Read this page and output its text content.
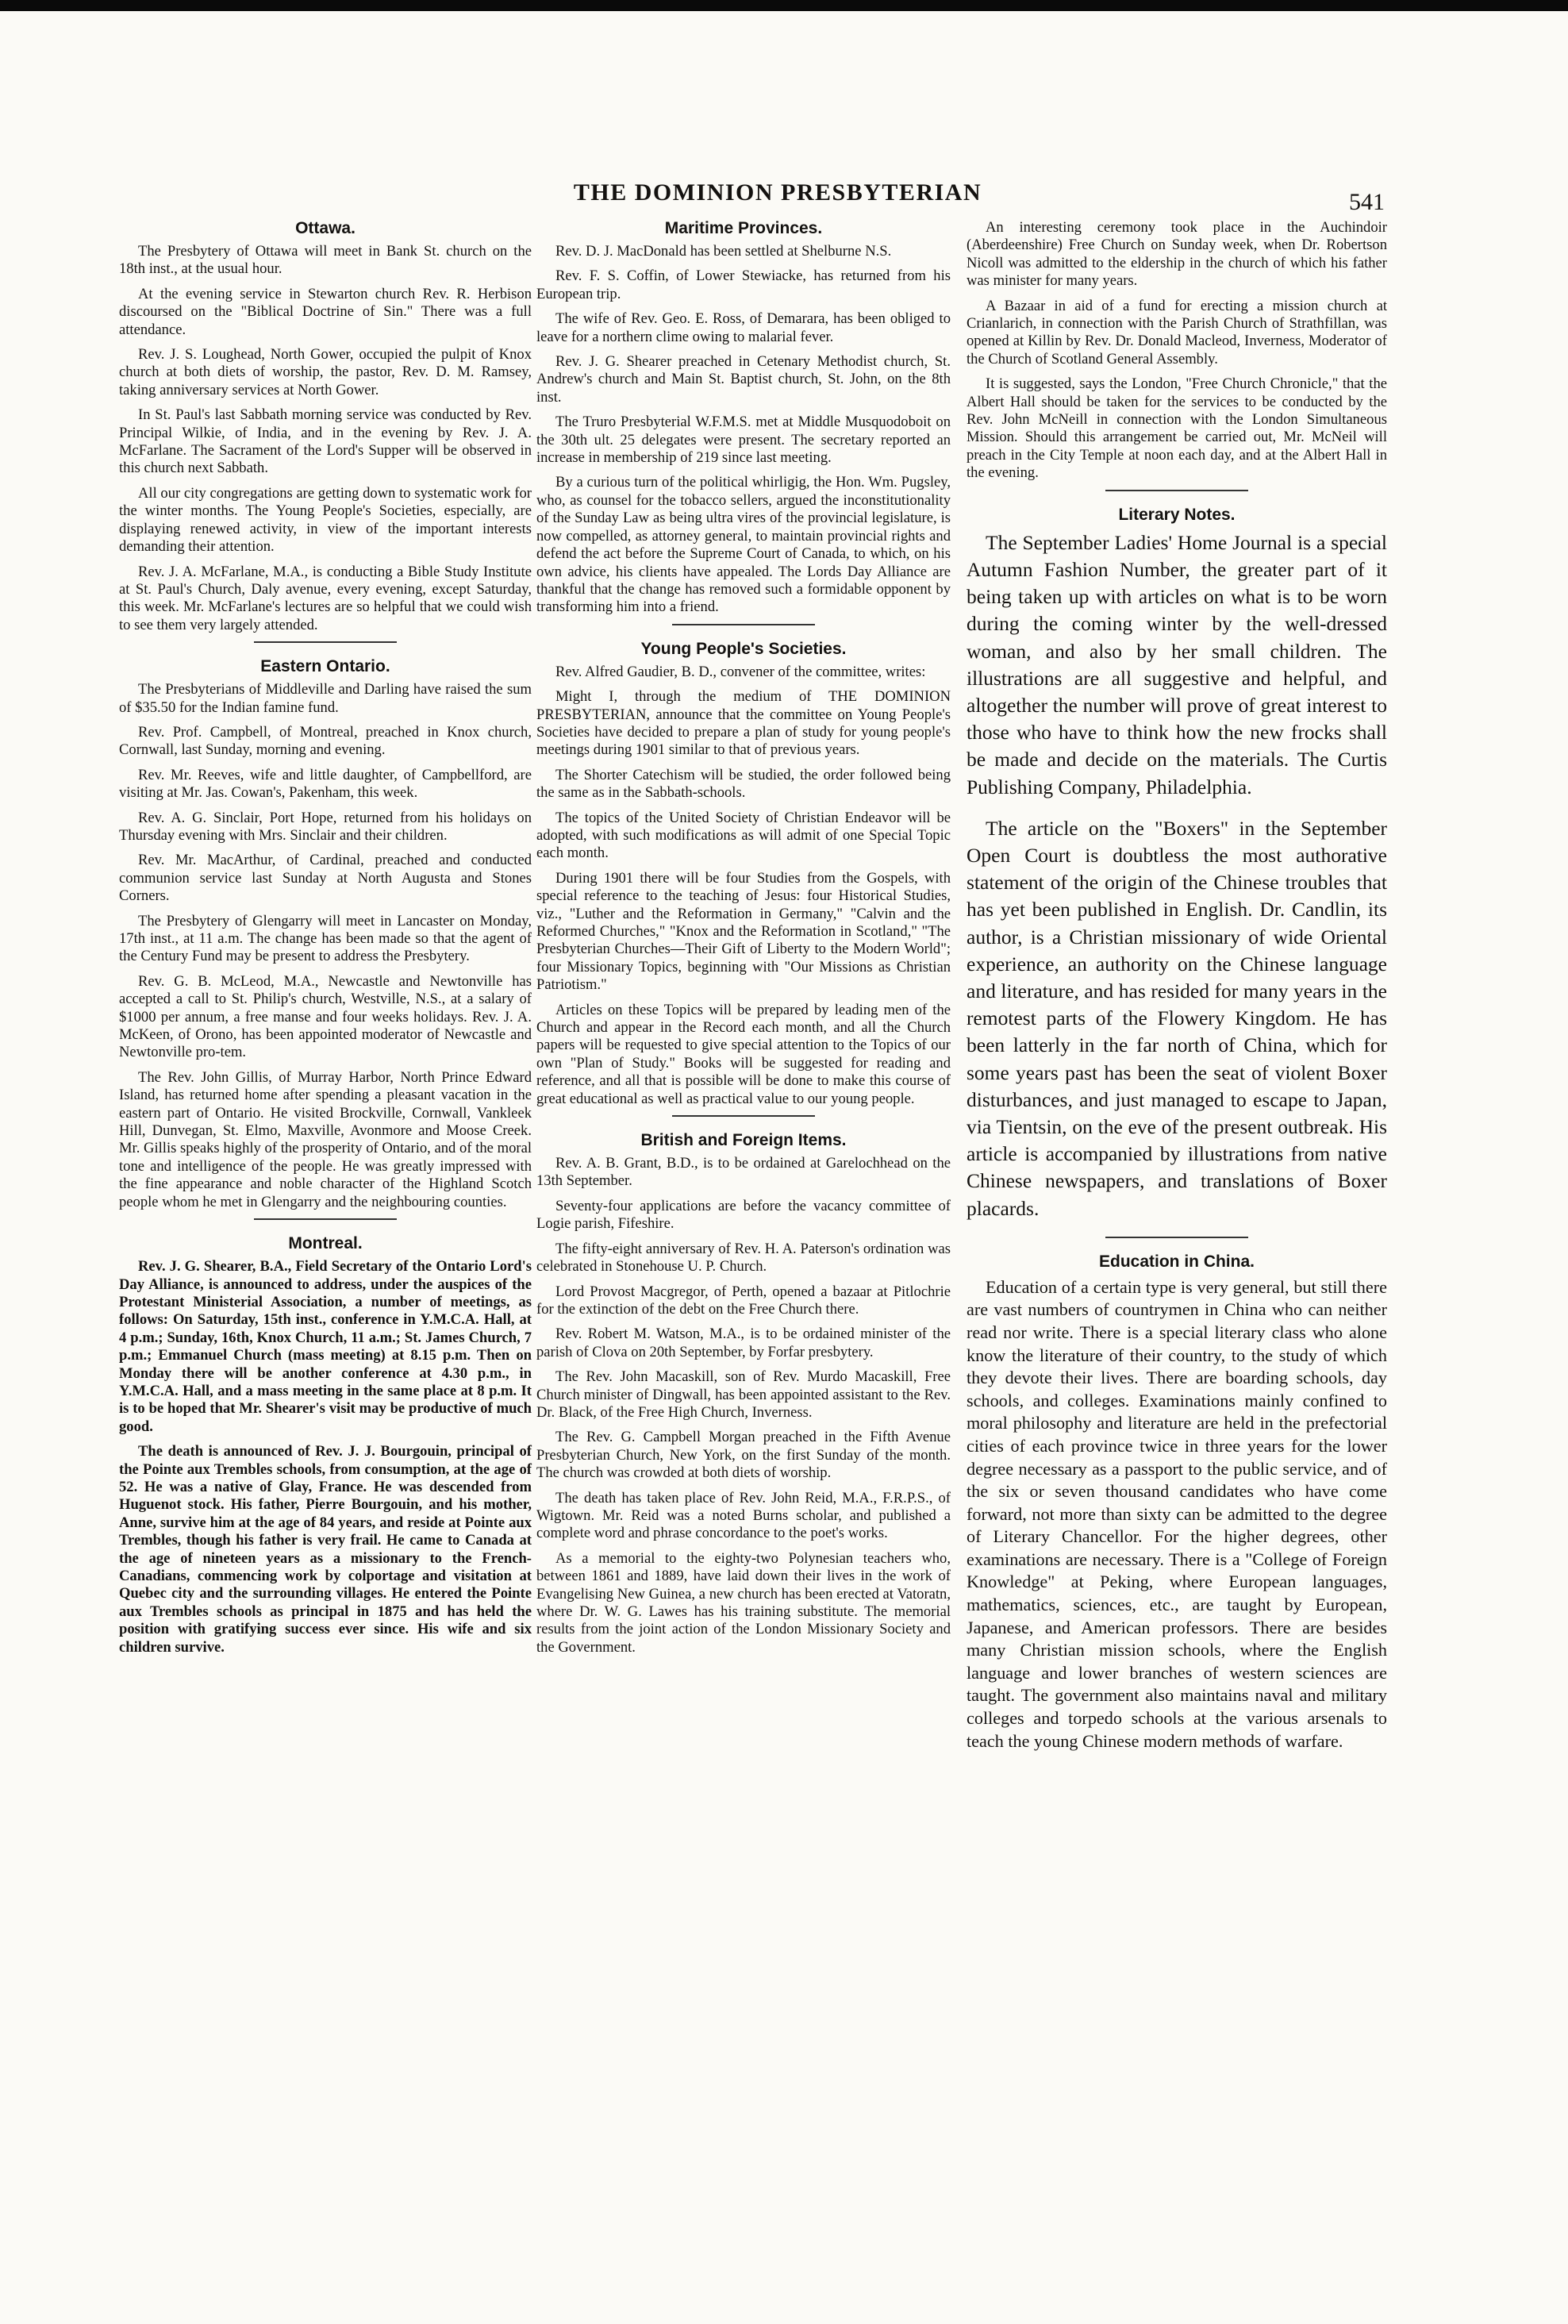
THE DOMINION PRESBYTERIAN	541
Ottawa.

The Presbytery of Ottawa will meet in Bank St. church on the 18th inst., at the usual hour.

At the evening service in Stewarton church Rev. R. Herbison discoursed on the "Biblical Doctrine of Sin." There was a full attendance.

Rev. J. S. Loughead, North Gower, occupied the pulpit of Knox church at both diets of worship, the pastor, Rev. D. M. Ramsey, taking anniversary services at North Gower.

In St. Paul's last Sabbath morning service was conducted by Rev. Principal Wilkie, of India, and in the evening by Rev. J. A. McFarlane. The Sacrament of the Lord's Supper will be observed in this church next Sabbath.

All our city congregations are getting down to systematic work for the winter months. The Young People's Societies, especially, are displaying renewed activity, in view of the important interests demanding their attention.

Rev. J. A. McFarlane, M.A., is conducting a Bible Study Institute at St. Paul's Church, Daly avenue, every evening, except Saturday, this week. Mr. McFarlane's lectures are so helpful that we could wish to see them very largely attended.

Eastern Ontario.

The Presbyterians of Middleville and Darling have raised the sum of $35.50 for the Indian famine fund.

Rev. Prof. Campbell, of Montreal, preached in Knox church, Cornwall, last Sunday, morning and evening.

Rev. Mr. Reeves, wife and little daughter, of Campbellford, are visiting at Mr. Jas. Cowan's, Pakenham, this week.

Rev. A. G. Sinclair, Port Hope, returned from his holidays on Thursday evening with Mrs. Sinclair and their children.

Rev. Mr. MacArthur, of Cardinal, preached and conducted communion service last Sunday at North Augusta and Stones Corners.

The Presbytery of Glengarry will meet in Lancaster on Monday, 17th inst., at 11 a.m. The change has been made so that the agent of the Century Fund may be present to address the Presbytery.

Rev. G. B. McLeod, M.A., Newcastle and Newtonville has accepted a call to St. Philip's church, Westville, N.S., at a salary of $1000 per annum, a free manse and four weeks holidays. Rev. J. A. McKeen, of Orono, has been appointed moderator of Newcastle and Newtonville pro-tem.

The Rev. John Gillis, of Murray Harbor, North Prince Edward Island, has returned home after spending a pleasant vacation in the eastern part of Ontario. He visited Brockville, Cornwall, Vankleek Hill, Dunvegan, St. Elmo, Maxville, Avonmore and Moose Creek. Mr. Gillis speaks highly of the prosperity of Ontario, and of the moral tone and intelligence of the people. He was greatly impressed with the fine appearance and noble character of the Highland Scotch people whom he met in Glengarry and the neighbouring counties.

Montreal.

Rev. J. G. Shearer, B.A., Field Secretary of the Ontario Lord's Day Alliance, is announced to address, under the auspices of the Protestant Ministerial Association, a number of meetings, as follows: On Saturday, 15th inst., conference in Y.M.C.A. Hall, at 4 p.m.; Sunday, 16th, Knox Church, 11 a.m.; St. James Church, 7 p.m.; Emmanuel Church (mass meeting) at 8.15 p.m. Then on Monday there will be another conference at 4.30 p.m., in Y.M.C.A. Hall, and a mass meeting in the same place at 8 p.m. It is to be hoped that Mr. Shearer's visit may be productive of much good.

The death is announced of Rev. J. J. Bourgouin, principal of the Pointe aux Trembles schools, from consumption, at the age of 52. He was a native of Glay, France. He was descended from Huguenot stock. His father, Pierre Bourgouin, and his mother, Anne, survive him at the age of 84 years, and reside at Pointe aux Trembles, though his father is very frail. He came to Canada at the age of nineteen years as a missionary to the French-Canadians, commencing work by colportage and visitation at Quebec city and the surrounding villages. He entered the Pointe aux Trembles schools as principal in 1875 and has held the position with gratifying success ever since. His wife and six children survive.

Maritime Provinces.

Rev. D. J. MacDonald has been settled at Shelburne N.S.

Rev. F. S. Coffin, of Lower Stewiacke, has returned from his European trip.

The wife of Rev. Geo. E. Ross, of Demarara, has been obliged to leave for a northern clime owing to malarial fever.

Rev. J. G. Shearer preached in Cetenary Methodist church, St. Andrew's church and Main St. Baptist church, St. John, on the 8th inst.

The Truro Presbyterial W.F.M.S. met at Middle Musquodoboit on the 30th ult. 25 delegates were present. The secretary reported an increase in membership of 219 since last meeting.

By a curious turn of the political whirligig, the Hon. Wm. Pugsley, who, as counsel for the tobacco sellers, argued the inconstitutionality of the Sunday Law as being ultra vires of the provincial legislature, is now compelled, as attorney general, to maintain provincial rights and defend the act before the Supreme Court of Canada, to which, on his own advice, his clients have appealed. The Lords Day Alliance are thankful that the change has removed such a formidable opponent by transforming him into a friend.

Young People's Societies.

Rev. Alfred Gaudier, B. D., convener of the committee, writes:

Might I, through the medium of THE DOMINION PRESBYTERIAN, announce that the committee on Young People's Societies have decided to prepare a plan of study for young people's meetings during 1901 similar to that of previous years.

The Shorter Catechism will be studied, the order followed being the same as in the Sabbath-schools.

The topics of the United Society of Christian Endeavor will be adopted, with such modifications as will admit of one Special Topic each month.

During 1901 there will be four Studies from the Gospels, with special reference to the teaching of Jesus: four Historical Studies, viz., "Luther and the Reformation in Germany," "Calvin and the Reformed Churches," "Knox and the Reformation in Scotland," "The Presbyterian Churches—Their Gift of Liberty to the Modern World"; four Missionary Topics, beginning with "Our Missions as Christian Patriotism."

Articles on these Topics will be prepared by leading men of the Church and appear in the Record each month, and all the Church papers will be requested to give special attention to the Topics of our own "Plan of Study." Books will be suggested for reading and reference, and all that is possible will be done to make this course of great educational as well as practical value to our young people.

British and Foreign Items.

Rev. A. B. Grant, B.D., is to be ordained at Garelochhead on the 13th September.

Seventy-four applications are before the vacancy committee of Logie parish, Fifeshire.

The fifty-eight anniversary of Rev. H. A. Paterson's ordination was celebrated in Stonehouse U. P. Church.

Lord Provost Macgregor, of Perth, opened a bazaar at Pitlochrie for the extinction of the debt on the Free Church there.

Rev. Robert M. Watson, M.A., is to be ordained minister of the parish of Clova on 20th September, by Forfar presbytery.

The Rev. John Macaskill, son of Rev. Murdo Macaskill, Free Church minister of Dingwall, has been appointed assistant to the Rev. Dr. Black, of the Free High Church, Inverness.

The Rev. G. Campbell Morgan preached in the Fifth Avenue Presbyterian Church, New York, on the first Sunday of the month. The church was crowded at both diets of worship.

The death has taken place of Rev. John Reid, M.A., F.R.P.S., of Wigtown. Mr. Reid was a noted Burns scholar, and published a complete word and phrase concordance to the poet's works.

As a memorial to the eighty-two Polynesian teachers who, between 1861 and 1889, have laid down their lives in the work of Evangelising New Guinea, a new church has been erected at Vatoratn, where Dr. W. G. Lawes has his training substitute. The memorial results from the joint action of the London Missionary Society and the Government.

An interesting ceremony took place in the Auchindoir (Aberdeenshire) Free Church on Sunday week, when Dr. Robertson Nicoll was admitted to the eldership in the church of which his father was minister for many years.

A Bazaar in aid of a fund for erecting a mission church at Crianlarich, in connection with the Parish Church of Strathfillan, was opened at Killin by Rev. Dr. Donald Macleod, Inverness, Moderator of the Church of Scotland General Assembly.

It is suggested, says the London, "Free Church Chronicle," that the Albert Hall should be taken for the services to be conducted by the Rev. John McNeill in connection with the London Simultaneous Mission. Should this arrangement be carried out, Mr. McNeil will preach in the City Temple at noon each day, and at the Albert Hall in the evening.

Literary Notes.

The September Ladies' Home Journal is a special Autumn Fashion Number, the greater part of it being taken up with articles on what is to be worn during the coming winter by the well-dressed woman, and also by her small children. The illustrations are all suggestive and helpful, and altogether the number will prove of great interest to those who have to think how the new frocks shall be made and decide on the materials. The Curtis Publishing Company, Philadelphia.

The article on the "Boxers" in the September Open Court is doubtless the most authorative statement of the origin of the Chinese troubles that has yet been published in English. Dr. Candlin, its author, is a Christian missionary of wide Oriental experience, an authority on the Chinese language and literature, and has resided for many years in the remotest parts of the Flowery Kingdom. He has been latterly in the far north of China, which for some years past has been the seat of violent Boxer disturbances, and just managed to escape to Japan, via Tientsin, on the eve of the present outbreak. His article is accompanied by illustrations from native Chinese newspapers, and translations of Boxer placards.

Education in China.

Education of a certain type is very general, but still there are vast numbers of countrymen in China who can neither read nor write. There is a special literary class who alone know the literature of their country, to the study of which they devote their lives. There are boarding schools, day schools, and colleges. Examinations mainly confined to moral philosophy and literature are held in the prefectorial cities of each province twice in three years for the lower degree necessary as a passport to the public service, and of the six or seven thousand candidates who have come forward, not more than sixty can be admitted to the degree of Literary Chancellor. For the higher degrees, other examinations are necessary. There is a "College of Foreign Knowledge" at Peking, where European languages, mathematics, sciences, etc., are taught by European, Japanese, and American professors. There are besides many Christian mission schools, where the English language and lower branches of western sciences are taught. The government also maintains naval and military colleges and torpedo schools at the various arsenals to teach the young Chinese modern methods of warfare.
